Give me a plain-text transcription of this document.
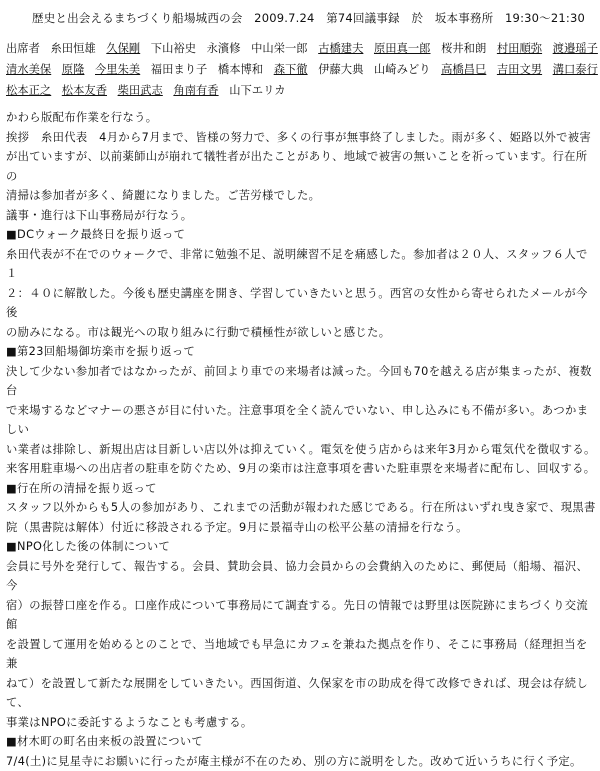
歴史と出会えるまちづくり船場城西の会　2009.7.24　第74回議事録　於　坂本事務所　19:30～21:30
出席者 糸田恒雄 久保剛 下山裕史 永濱修 中山栄一郎 古橋建夫 原田真一郎 桜井和朗 村田順弥 渡邉瑶子
清水美保 原隆 今里朱美 福田まり子 橋本博和 森下徹 伊藤大典 山崎みどり 高橋昌巳 吉田文男 溝口泰行
松本正之 松本友香 柴田武志 角南有香 山下エリカ

かわら版配布作業を行なう。

挨拶　糸田代表　4月から7月まで、皆様の努力で、多くの行事が無事終了しました。雨が多く、姫路以外で被害

が出ていますが、以前薬師山が崩れて犠牲者が出たことがあり、地域で被害の無いことを祈っています。行在所の

清掃は参加者が多く、綺麗になりました。ご苦労様でした。

議事・進行は下山事務局が行なう。

■DCウォーク最終日を振り返って

糸田代表が不在でのウォークで、非常に勉強不足、説明練習不足を痛感した。参加者は２０人、スタッフ６人で１

２：４０に解散した。今後も歴史講座を開き、学習していきたいと思う。西宮の女性から寄せられたメールが今後

の励みになる。市は観光への取り組みに行動で積極性が欲しいと感じた。

■第23回船場御坊楽市を振り返って

決して少ない参加者ではなかったが、前回より車での来場者は減った。今回も70を越える店が集まったが、複数台

で来場するなどマナーの悪さが目に付いた。注意事項を全く読んでいない、申し込みにも不備が多い。あつかましい

い業者は排除し、新規出店は目新しい店以外は抑えていく。電気を使う店からは来年3月から電気代を徴収する。

来客用駐車場への出店者の駐車を防ぐため、9月の楽市は注意事項を書いた駐車票を来場者に配布し、回収する。

■行在所の清掃を振り返って

スタッフ以外からも5人の参加があり、これまでの活動が報われた感じである。行在所はいずれ曳き家で、現黒書

院（黒書院は解体）付近に移設される予定。9月に景福寺山の松平公墓の清掃を行なう。

■NPO化した後の体制について

会員に号外を発行して、報告する。会員、賛助会員、協力会員からの会費納入のために、郵便局（船場、福沢、今

宿）の振替口座を作る。口座作成について事務局にて調査する。先日の情報では野里は医院跡にまちづくり交流館

を設置して運用を始めるとのことで、当地域でも早急にカフェを兼ねた拠点を作り、そこに事務局（経理担当を兼

ねて）を設置して新たな展開をしていきたい。西国街道、久保家を市の助成を得て改修できれば、現会は存続して、

事業はNPOに委託するようなことも考慮する。

■材木町の町名由来板の設置について

7/4(土)に見星寺にお願いに行ったが庵主様が不在のため、別の方に説明をした。改めて近いうちに行く予定。
